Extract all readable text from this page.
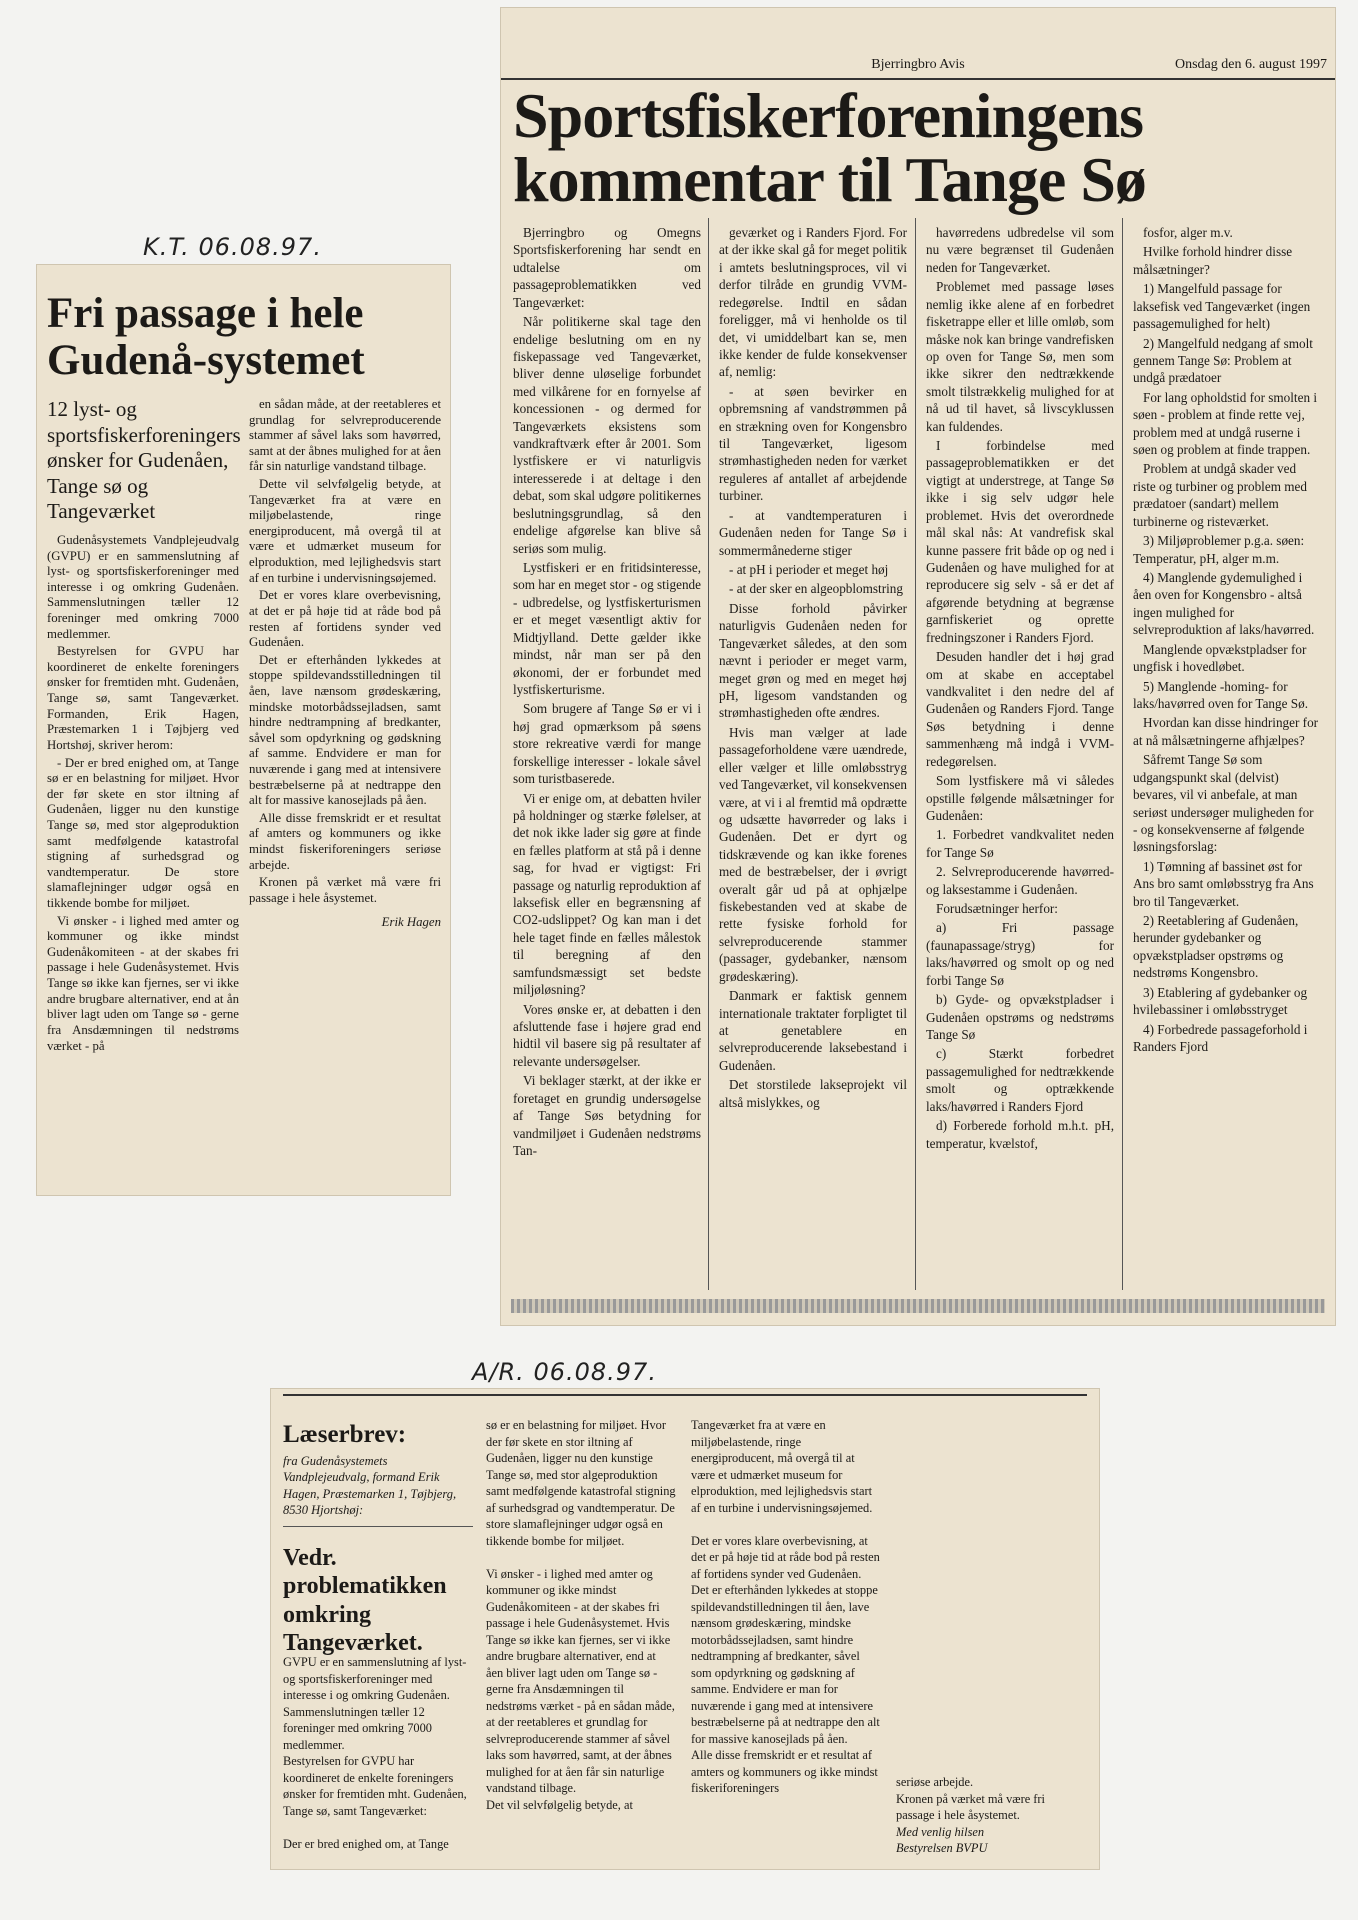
K.T. 06.08.97.
A/R. 06.08.97.
Fri passage i hele Gudenå-systemet
12 lyst- og sportsfiskerforeningers ønsker for Gudenåen, Tange sø og Tangeværket

Gudenåsystemets Vandplejeudvalg (GVPU) er en sammenslutning af lyst- og sportsfiskerforeninger med interesse i og omkring Gudenåen. Sammenslutningen tæller 12 foreninger med omkring 7000 medlemmer.

Bestyrelsen for GVPU har koordineret de enkelte foreningers ønsker for fremtiden mht. Gudenåen, Tange sø, samt Tangeværket. Formanden, Erik Hagen, Præstemarken 1 i Tøjbjerg ved Hortshøj, skriver herom:

- Der er bred enighed om, at Tange sø er en belastning for miljøet. Hvor der før skete en stor iltning af Gudenåen, ligger nu den kunstige Tange sø, med stor algeproduktion samt medfølgende katastrofal stigning af surhedsgrad og vandtemperatur. De store slamaflejninger udgør også en tikkende bombe for miljøet.

Vi ønsker - i lighed med amter og kommuner og ikke mindst Gudenåkomiteen - at der skabes fri passage i hele Gudenåsystemet. Hvis Tange sø ikke kan fjernes, ser vi ikke andre brugbare alternativer, end at ån bliver lagt uden om Tange sø - gerne fra Ansdæmningen til nedstrøms værket - på

en sådan måde, at der reetableres et grundlag for selvreproducerende stammer af såvel laks som havørred, samt at der åbnes mulighed for at åen får sin naturlige vandstand tilbage.

Dette vil selvfølgelig betyde, at Tangeværket fra at være en miljøbelastende, ringe energiproducent, må overgå til at være et udmærket museum for elproduktion, med lejlighedsvis start af en turbine i undervisningsøjemed.

Det er vores klare overbevisning, at det er på høje tid at råde bod på resten af fortidens synder ved Gudenåen.

Det er efterhånden lykkedes at stoppe spildevandsstilledningen til åen, lave nænsom grødeskæring, mindske motorbådssejladsen, samt hindre nedtrampning af bredkanter, såvel som opdyrkning og gødskning af samme. Endvidere er man for nuværende i gang med at intensivere bestræbelserne på at nedtrappe den alt for massive kanosejlads på åen.

Alle disse fremskridt er et resultat af amters og kommuners og ikke mindst fiskeriforeningers seriøse arbejde.

Kronen på værket må være fri passage i hele åsystemet.

Erik Hagen
Bjerringbro Avis	Onsdag den 6. august 1997
Sportsfiskerforeningens kommentar til Tange Sø

Bjerringbro og Omegns Sportsfiskerforening har sendt en udtalelse om passageproblematikken ved Tangeværket:

Når politikerne skal tage den endelige beslutning om en ny fiskepassage ved Tangeværket, bliver denne uløselige forbundet med vilkårene for en fornyelse af koncessionen - og dermed for Tangeværkets eksistens som vandkraftværk efter år 2001. Som lystfiskere er vi naturligvis interesserede i at deltage i den debat, som skal udgøre politikernes beslutningsgrundlag, så den endelige afgørelse kan blive så seriøs som mulig.

Lystfiskeri er en fritidsinteresse, som har en meget stor - og stigende - udbredelse, og lystfiskerturismen er et meget væsentligt aktiv for Midtjylland. Dette gælder ikke mindst, når man ser på den økonomi, der er forbundet med lystfiskerturisme.

Som brugere af Tange Sø er vi i høj grad opmærksom på søens store rekreative værdi for mange forskellige interesser - lokale såvel som turistbaserede.

Vi er enige om, at debatten hviler på holdninger og stærke følelser, at det nok ikke lader sig gøre at finde en fælles platform at stå på i denne sag, for hvad er vigtigst: Fri passage og naturlig reproduktion af laksefisk eller en begrænsning af CO2-udslippet? Og kan man i det hele taget finde en fælles målestok til beregning af den samfundsmæssigt set bedste miljøløsning?

Vores ønske er, at debatten i den afsluttende fase i højere grad end hidtil vil basere sig på resultater af relevante undersøgelser.

Vi beklager stærkt, at der ikke er foretaget en grundig undersøgelse af Tange Søs betydning for vandmiljøet i Gudenåen nedstrøms Tan-

geværket og i Randers Fjord. For at der ikke skal gå for meget politik i amtets beslutningsproces, vil vi derfor tilråde en grundig VVM-redegørelse. Indtil en sådan foreligger, må vi henholde os til det, vi umiddelbart kan se, men ikke kender de fulde konsekvenser af, nemlig:

- at søen bevirker en opbremsning af vandstrømmen på en strækning oven for Kongensbro til Tangeværket, ligesom strømhastigheden neden for værket reguleres af antallet af arbejdende turbiner.

- at vandtemperaturen i Gudenåen neden for Tange Sø i sommermånederne stiger

- at pH i perioder et meget høj

- at der sker en algeopblomstring

Disse forhold påvirker naturligvis Gudenåen neden for Tangeværket således, at den som nævnt i perioder er meget varm, meget grøn og med en meget høj pH, ligesom vandstanden og strømhastigheden ofte ændres.

Hvis man vælger at lade passageforholdene være uændrede, eller vælger et lille omløbsstryg ved Tangeværket, vil konsekvensen være, at vi i al fremtid må opdrætte og udsætte havørreder og laks i Gudenåen. Det er dyrt og tidskrævende og kan ikke forenes med de bestræbelser, der i øvrigt overalt går ud på at ophjælpe fiskebestanden ved at skabe de rette fysiske forhold for selvreproducerende stammer (passager, gydebanker, nænsom grødeskæring).

Danmark er faktisk gennem internationale traktater forpligtet til at genetablere en selvreproducerende laksebestand i Gudenåen.

Det storstilede lakseprojekt vil altså mislykkes, og

havørredens udbredelse vil som nu være begrænset til Gudenåen neden for Tangeværket.

Problemet med passage løses nemlig ikke alene af en forbedret fisketrappe eller et lille omløb, som måske nok kan bringe vandrefisken op oven for Tange Sø, men som ikke sikrer den nedtrækkende smolt tilstrækkelig mulighed for at nå ud til havet, så livscyklussen kan fuldendes.

I forbindelse med passageproblematikken er det vigtigt at understrege, at Tange Sø ikke i sig selv udgør hele problemet. Hvis det overordnede mål skal nås: At vandrefisk skal kunne passere frit både op og ned i Gudenåen og have mulighed for at reproducere sig selv - så er det af afgørende betydning at begrænse garnfiskeriet og oprette fredningszoner i Randers Fjord.

Desuden handler det i høj grad om at skabe en acceptabel vandkvalitet i den nedre del af Gudenåen og Randers Fjord. Tange Søs betydning i denne sammenhæng må indgå i VVM-redegørelsen.

Som lystfiskere må vi således opstille følgende målsætninger for Gudenåen:

1. Forbedret vandkvalitet neden for Tange Sø

2. Selvreproducerende havørred- og laksestamme i Gudenåen.

Forudsætninger herfor:

a) Fri passage (faunapassage/stryg) for laks/havørred og smolt op og ned forbi Tange Sø

b) Gyde- og opvækstpladser i Gudenåen opstrøms og nedstrøms Tange Sø

c) Stærkt forbedret passagemulighed for nedtrækkende smolt og optrækkende laks/havørred i Randers Fjord

d) Forberede forhold m.h.t. pH, temperatur, kvælstof,

fosfor, alger m.v.

Hvilke forhold hindrer disse målsætninger?

1) Mangelfuld passage for laksefisk ved Tangeværket (ingen passagemulighed for helt)

2) Mangelfuld nedgang af smolt gennem Tange Sø: Problem at undgå prædatoer

For lang opholdstid for smolten i søen - problem at finde rette vej, problem med at undgå ruserne i søen og problem at finde trappen.

Problem at undgå skader ved riste og turbiner og problem med prædatoer (sandart) mellem turbinerne og risteværket.

3) Miljøproblemer p.g.a. søen: Temperatur, pH, alger m.m.

4) Manglende gydemulighed i åen oven for Kongensbro - altså ingen mulighed for selvreproduktion af laks/havørred.

Manglende opvækstpladser for ungfisk i hovedløbet.

5) Manglende -homing- for laks/havørred oven for Tange Sø.

Hvordan kan disse hindringer for at nå målsætningerne afhjælpes?

Såfremt Tange Sø som udgangspunkt skal (delvist) bevares, vil vi anbefale, at man seriøst undersøger muligheden for - og konsekvenserne af følgende løsningsforslag:

1) Tømning af bassinet øst for Ans bro samt omløbsstryg fra Ans bro til Tangeværket.

2) Reetablering af Gudenåen, herunder gydebanker og opvækstpladser opstrøms og nedstrøms Kongensbro.

3) Etablering af gydebanker og hvilebassiner i omløbsstryget

4) Forbedrede passageforhold i Randers Fjord

Læserbrev:
fra Gudenåsystemets Vandplejeudvalg, formand Erik Hagen, Præstemarken 1, Tøjbjerg, 8530 Hjortshøj:
Vedr. problematikken omkring Tangeværket.

GVPU er en sammenslutning af lyst- og sportsfiskerforeninger med interesse i og omkring Gudenåen. Sammenslutningen tæller 12 foreninger med omkring 7000 medlemmer.

Bestyrelsen for GVPU har koordineret de enkelte foreningers ønsker for fremtiden mht. Gudenåen, Tange sø, samt Tangeværket:

Der er bred enighed om, at Tange

sø er en belastning for miljøet. Hvor der før skete en stor iltning af Gudenåen, ligger nu den kunstige Tange sø, med stor algeproduktion samt medfølgende katastrofal stigning af surhedsgrad og vandtemperatur. De store slamaflejninger udgør også en tikkende bombe for miljøet.

Vi ønsker - i lighed med amter og kommuner og ikke mindst Gudenåkomiteen - at der skabes fri passage i hele Gudenåsystemet. Hvis Tange sø ikke kan fjernes, ser vi ikke andre brugbare alternativer, end at åen bliver lagt uden om Tange sø - gerne fra Ansdæmningen til nedstrøms værket - på en sådan måde, at der reetableres et grundlag for selvreproducerende stammer af såvel laks som havørred, samt, at der åbnes mulighed for at åen får sin naturlige vandstand tilbage.

Det vil selvfølgelig betyde, at

Tangeværket fra at være en miljøbelastende, ringe energiproducent, må overgå til at være et udmærket museum for elproduktion, med lejlighedsvis start af en turbine i undervisningsøjemed.

Det er vores klare overbevisning, at det er på høje tid at råde bod på resten af fortidens synder ved Gudenåen.

Det er efterhånden lykkedes at stoppe spildevandstilledningen til åen, lave nænsom grødeskæring, mindske motorbådssejladsen, samt hindre nedtrampning af bredkanter, såvel som opdyrkning og gødskning af samme. Endvidere er man for nuværende i gang med at intensivere bestræbelserne på at nedtrappe den alt for massive kanosejlads på åen.

Alle disse fremskridt er et resultat af amters og kommuners og ikke mindst fiskeriforeningers	seriøse arbejde.

Kronen på værket må være fri passage i hele åsystemet.

Med venlig hilsen

Bestyrelsen BVPU
